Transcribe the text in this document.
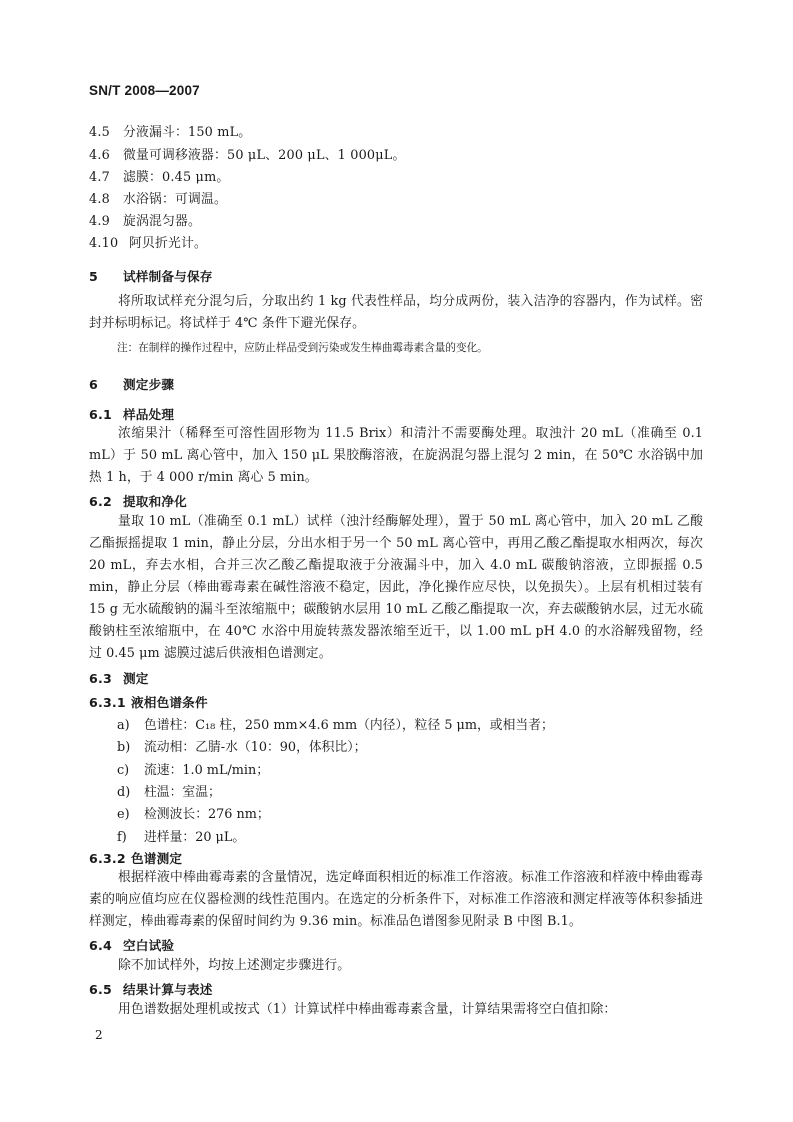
SN/T 2008—2007
4.5 分液漏斗：150 mL。
4.6 微量可调移液器：50 μL、200 μL、1 000μL。
4.7 滤膜：0.45 μm。
4.8 水浴锅：可调温。
4.9 旋涡混匀器。
4.10 阿贝折光计。
5 试样制备与保存
将所取试样充分混匀后，分取出约 1 kg 代表性样品，均分成两份，装入洁净的容器内，作为试样。密封并标明标记。将试样于 4℃ 条件下避光保存。
注：在制样的操作过程中，应防止样品受到污染或发生棒曲霉毒素含量的变化。
6 测定步骤
6.1 样品处理
浓缩果汁（稀释至可溶性固形物为 11.5 Brix）和清汁不需要酶处理。取浊汁 20 mL（准确至 0.1 mL）于 50 mL 离心管中，加入 150 μL 果胶酶溶液，在旋涡混匀器上混匀 2 min，在 50℃ 水浴锅中加热 1 h，于 4 000 r/min 离心 5 min。
6.2 提取和净化
量取 10 mL（准确至 0.1 mL）试样（浊汁经酶解处理），置于 50 mL 离心管中，加入 20 mL 乙酸乙酯振摇提取 1 min，静止分层，分出水相于另一个 50 mL 离心管中，再用乙酸乙酯提取水相两次，每次 20 mL，弃去水相，合并三次乙酸乙酯提取液于分液漏斗中，加入 4.0 mL 碳酸钠溶液，立即振摇 0.5 min，静止分层（棒曲霉毒素在碱性溶液不稳定，因此，净化操作应尽快，以免损失）。上层有机相过装有 15 g 无水硫酸钠的漏斗至浓缩瓶中；碳酸钠水层用 10 mL 乙酸乙酯提取一次，弃去碳酸钠水层，过无水硫酸钠柱至浓缩瓶中，在 40℃ 水浴中用旋转蒸发器浓缩至近干，以 1.00 mL pH 4.0 的水浴解残留物，经过 0.45 μm 滤膜过滤后供液相色谱测定。
6.3 测定
6.3.1 液相色谱条件
a) 色谱柱：C₁₈ 柱，250 mm×4.6 mm（内径），粒径 5 μm，或相当者；
b) 流动相：乙腈-水（10：90，体积比）；
c) 流速：1.0 mL/min；
d) 柱温：室温；
e) 检测波长：276 nm；
f) 进样量：20 μL。
6.3.2 色谱测定
根据样液中棒曲霉毒素的含量情况，选定峰面积相近的标准工作溶液。标准工作溶液和样液中棒曲霉毒素的响应值均应在仪器检测的线性范围内。在选定的分析条件下，对标准工作溶液和测定样液等体积参插进样测定，棒曲霉毒素的保留时间约为 9.36 min。标准品色谱图参见附录 B 中图 B.1。
6.4 空白试验
除不加试样外，均按上述测定步骤进行。
6.5 结果计算与表述
用色谱数据处理机或按式（1）计算试样中棒曲霉毒素含量，计算结果需将空白值扣除：
2
